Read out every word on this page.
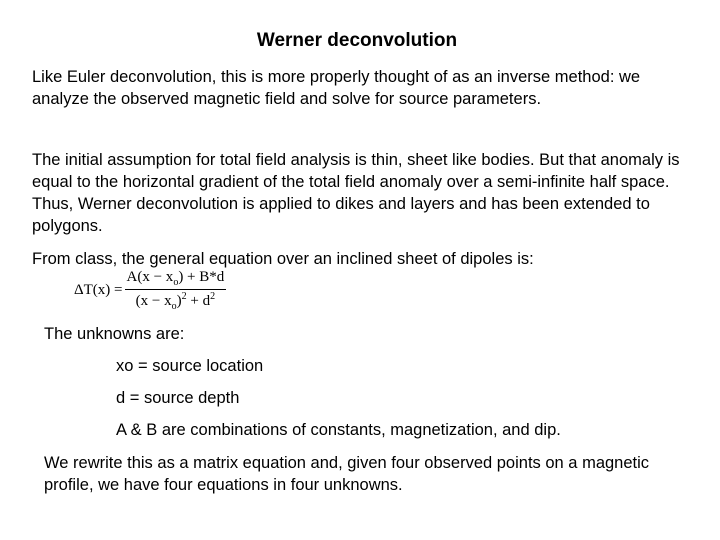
Werner deconvolution
Like Euler deconvolution, this is more properly thought of as an inverse method: we analyze the observed magnetic field and solve for source parameters.
The initial assumption for total field analysis is thin, sheet like bodies. But that anomaly is equal to the horizontal gradient of the total field anomaly over a semi-infinite half space. Thus, Werner deconvolution is applied to dikes and layers and has been extended to polygons.
From class, the general equation over an inclined sheet of dipoles is:
$\Delta T(x) = \frac{A(x - x_o) + B*d}{(x - x_o)^2 + d^2}$
The unknowns are:
xo = source location
d = source depth
A & B are combinations of constants, magnetization, and dip.
We rewrite this as a matrix equation and, given four observed points on a magnetic profile, we have four equations in four unknowns.
